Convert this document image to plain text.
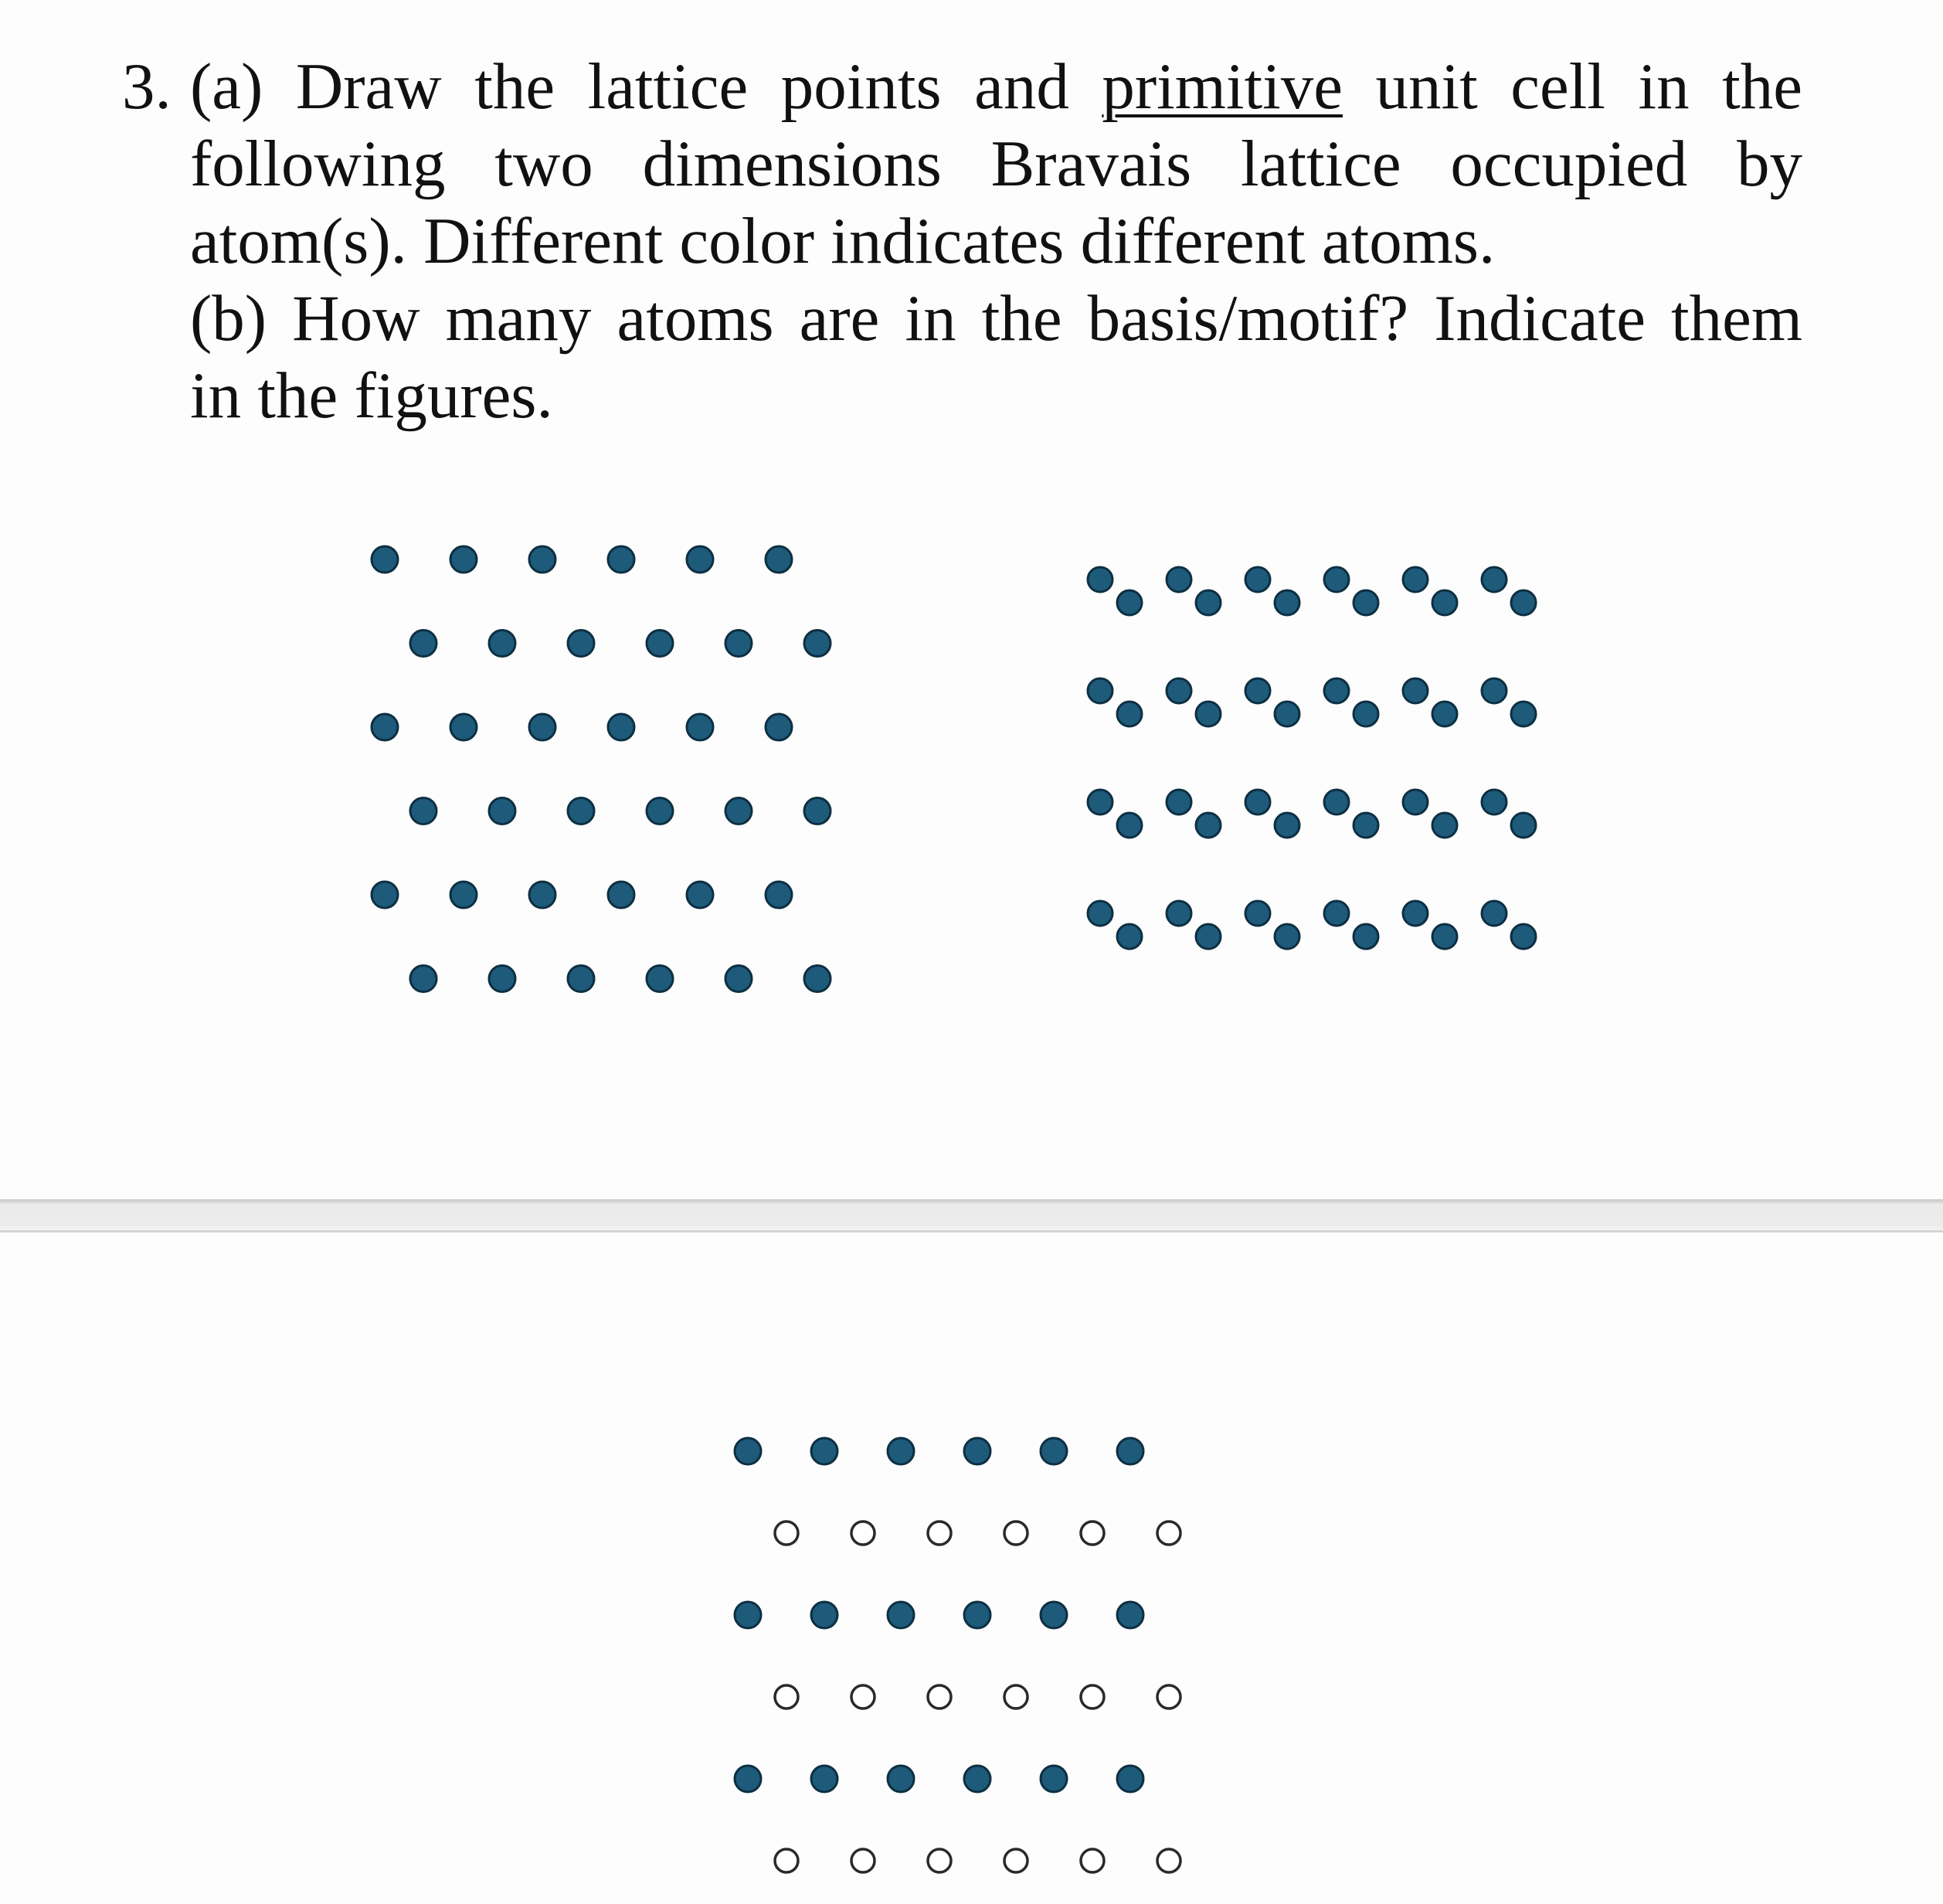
3. (a) Draw the lattice points and primitive unit cell in the
following two dimensions Bravais lattice occupied by
atom(s). Different color indicates different atoms.
(b) How many atoms are in the basis/motif? Indicate them
in the figures.
